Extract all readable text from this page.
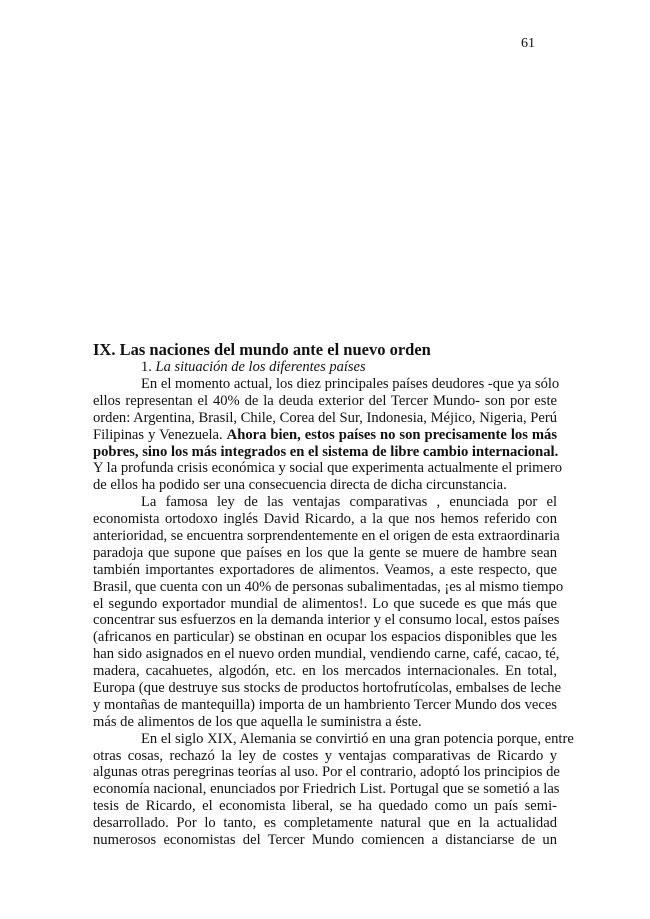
61
IX. Las naciones del mundo ante el nuevo orden
1. La situación de los diferentes países
En el momento actual, los diez principales países deudores -que ya sólo
ellos representan el 40% de la deuda exterior del Tercer Mundo- son por este
orden: Argentina, Brasil, Chile, Corea del Sur, Indonesia, Méjico, Nigeria, Perú
Filipinas y Venezuela. Ahora bien, estos países no son precisamente los más
pobres, sino los más integrados en el sistema de libre cambio internacional.
Y la profunda crisis económica y social que experimenta actualmente el primero
de ellos ha podido ser una consecuencia directa de dicha circunstancia.
La famosa ley de las ventajas comparativas , enunciada por el
economista ortodoxo inglés David Ricardo, a la que nos hemos referido con
anterioridad, se encuentra sorprendentemente en el origen de esta extraordinaria
paradoja que supone que países en los que la gente se muere de hambre sean
también importantes exportadores de alimentos. Veamos, a este respecto, que
Brasil, que cuenta con un 40% de personas subalimentadas, ¡es al mismo tiempo
el segundo exportador mundial de alimentos!. Lo que sucede es que más que
concentrar sus esfuerzos en la demanda interior y el consumo local, estos países
(africanos en particular) se obstinan en ocupar los espacios disponibles que les
han sido asignados en el nuevo orden mundial, vendiendo carne, café, cacao, té,
madera, cacahuetes, algodón, etc. en los mercados internacionales. En total,
Europa (que destruye sus stocks de productos hortofrutícolas, embalses de leche
y montañas de mantequilla) importa de un hambriento Tercer Mundo dos veces
más de alimentos de los que aquella le suministra a éste.
En el siglo XIX, Alemania se convirtió en una gran potencia porque, entre
otras cosas, rechazó la ley de costes y ventajas comparativas de Ricardo y
algunas otras peregrinas teorías al uso. Por el contrario, adoptó los principios de
economía nacional, enunciados por Friedrich List. Portugal que se sometió a las
tesis de Ricardo, el economista liberal, se ha quedado como un país semi-
desarrollado. Por lo tanto, es completamente natural que en la actualidad
numerosos economistas del Tercer Mundo comiencen a distanciarse de un
